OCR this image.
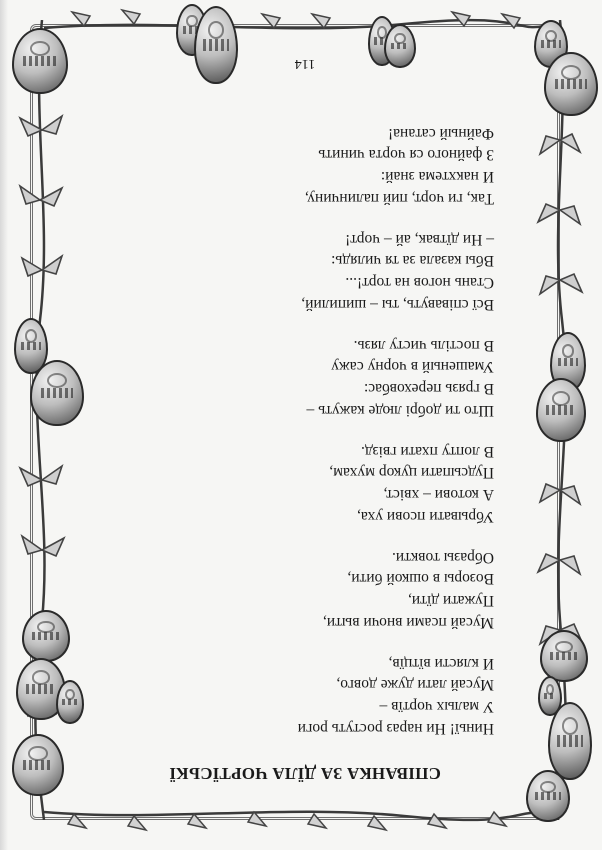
СПІВАНКА ЗА ДЇЛА ЧОРТЇСЬКЇ
Ниньї! Ни нараз ростуть роги
У малых чортїв –
Мусай лати дуже довго,
И клясти вїтцїв,
Мусай псами вночи выти,
Пужати дїти,
Возоры в ошкой бити,
Образы товкти.
Убрывати псови уха,
А котови – хвіст,
Пудсыпати цукор мухам,
В лопту пхати гвізд.
Што ти добрі люде кажуть –
В грязь переховбас:
Умашеный в чорну сажу
В постіль чисту лязь.
Всї співавуть, ты – шипилий,
Стань ногов на торт!...
Вбы казала за тя чилядь:
– Ни дїтвак, ай – чорт!
Так, ги чорт, пий палинчину,
И накхтема знай:
З файного ся чорта чинить
Файный сатана!
114
